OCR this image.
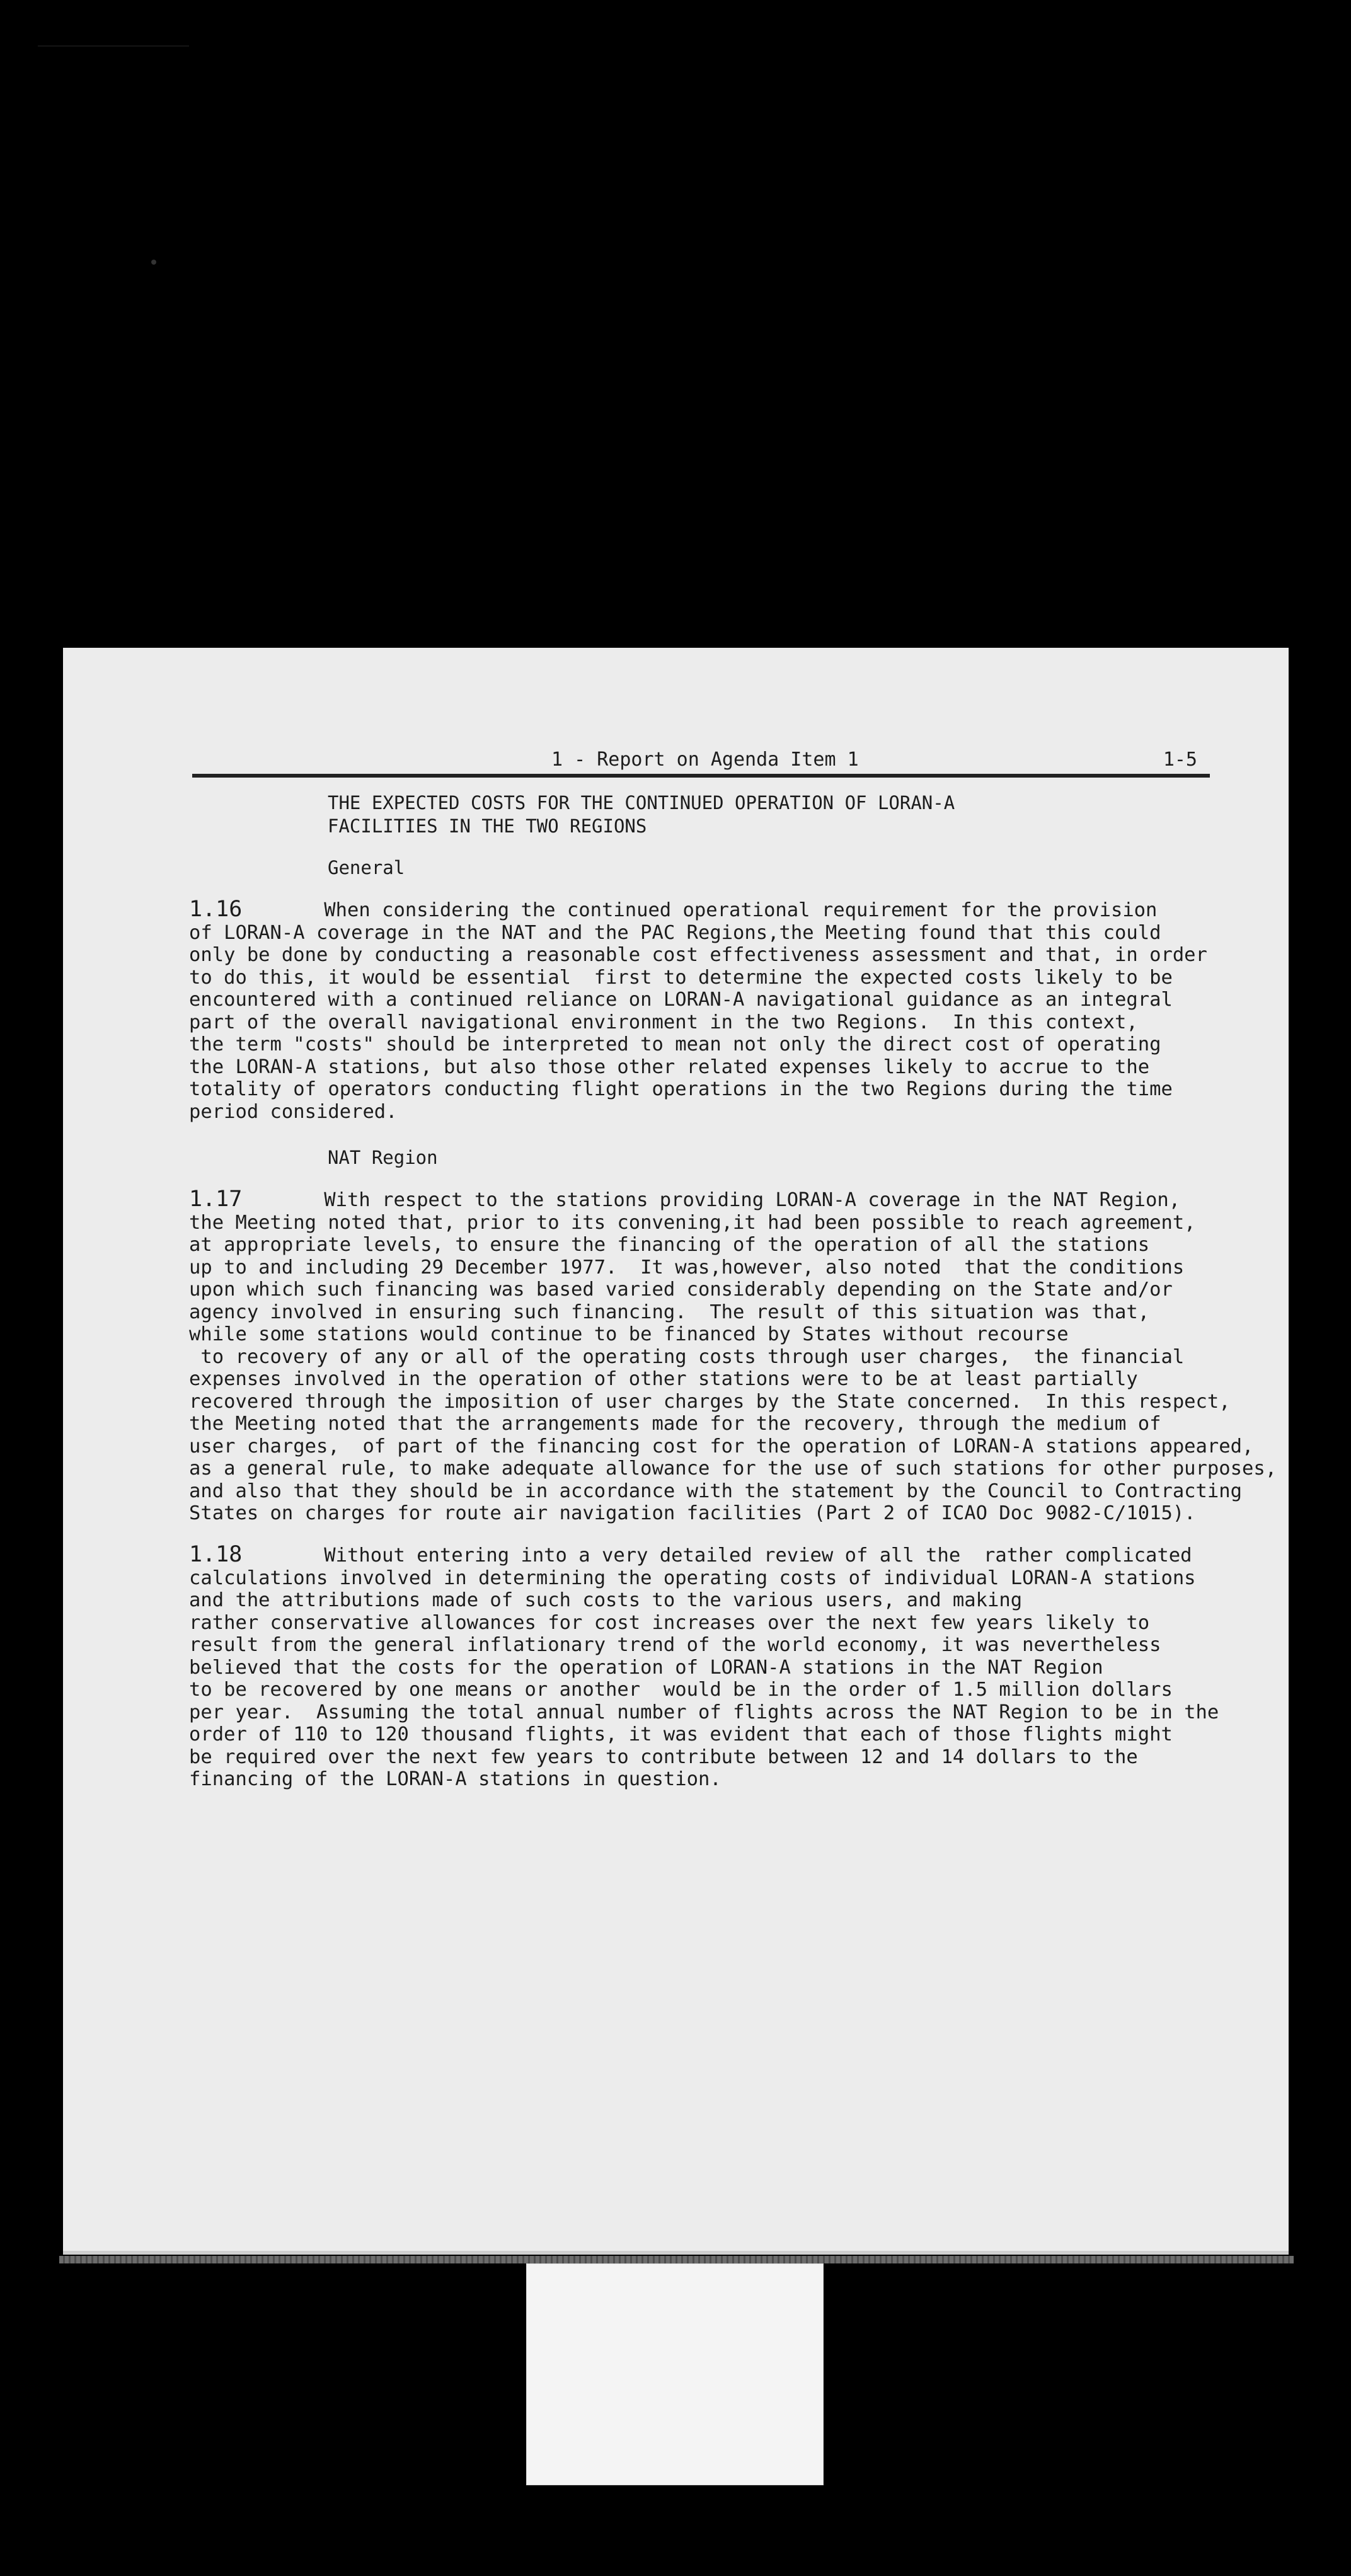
1 - Report on Agenda Item 1	1-5
THE EXPECTED COSTS FOR THE CONTINUED OPERATION OF LORAN-A
FACILITIES IN THE TWO REGIONS
General
1.16	When considering the continued operational requirement for the provision
of LORAN-A coverage in the NAT and the PAC Regions,the Meeting found that this could
only be done by conducting a reasonable cost effectiveness assessment and that, in order
to do this, it would be essential  first to determine the expected costs likely to be
encountered with a continued reliance on LORAN-A navigational guidance as an integral
part of the overall navigational environment in the two Regions.  In this context,
the term "costs" should be interpreted to mean not only the direct cost of operating
the LORAN-A stations, but also those other related expenses likely to accrue to the
totality of operators conducting flight operations in the two Regions during the time
period considered.
NAT Region
1.17	With respect to the stations providing LORAN-A coverage in the NAT Region,
the Meeting noted that, prior to its convening,it had been possible to reach agreement,
at appropriate levels, to ensure the financing of the operation of all the stations
up to and including 29 December 1977.  It was,however, also noted  that the conditions
upon which such financing was based varied considerably depending on the State and/or
agency involved in ensuring such financing.  The result of this situation was that,
while some stations would continue to be financed by States without recourse
to recovery of any or all of the operating costs through user charges,  the financial
expenses involved in the operation of other stations were to be at least partially
recovered through the imposition of user charges by the State concerned.  In this respect,
the Meeting noted that the arrangements made for the recovery, through the medium of
user charges,  of part of the financing cost for the operation of LORAN-A stations appeared,
as a general rule, to make adequate allowance for the use of such stations for other purposes,
and also that they should be in accordance with the statement by the Council to Contracting
States on charges for route air navigation facilities (Part 2 of ICAO Doc 9082-C/1015).
1.18	Without entering into a very detailed review of all the  rather complicated
calculations involved in determining the operating costs of individual LORAN-A stations
and the attributions made of such costs to the various users, and making
rather conservative allowances for cost increases over the next few years likely to
result from the general inflationary trend of the world economy, it was nevertheless
believed that the costs for the operation of LORAN-A stations in the NAT Region
to be recovered by one means or another  would be in the order of 1.5 million dollars
per year.  Assuming the total annual number of flights across the NAT Region to be in the
order of 110 to 120 thousand flights, it was evident that each of those flights might
be required over the next few years to contribute between 12 and 14 dollars to the
financing of the LORAN-A stations in question.
